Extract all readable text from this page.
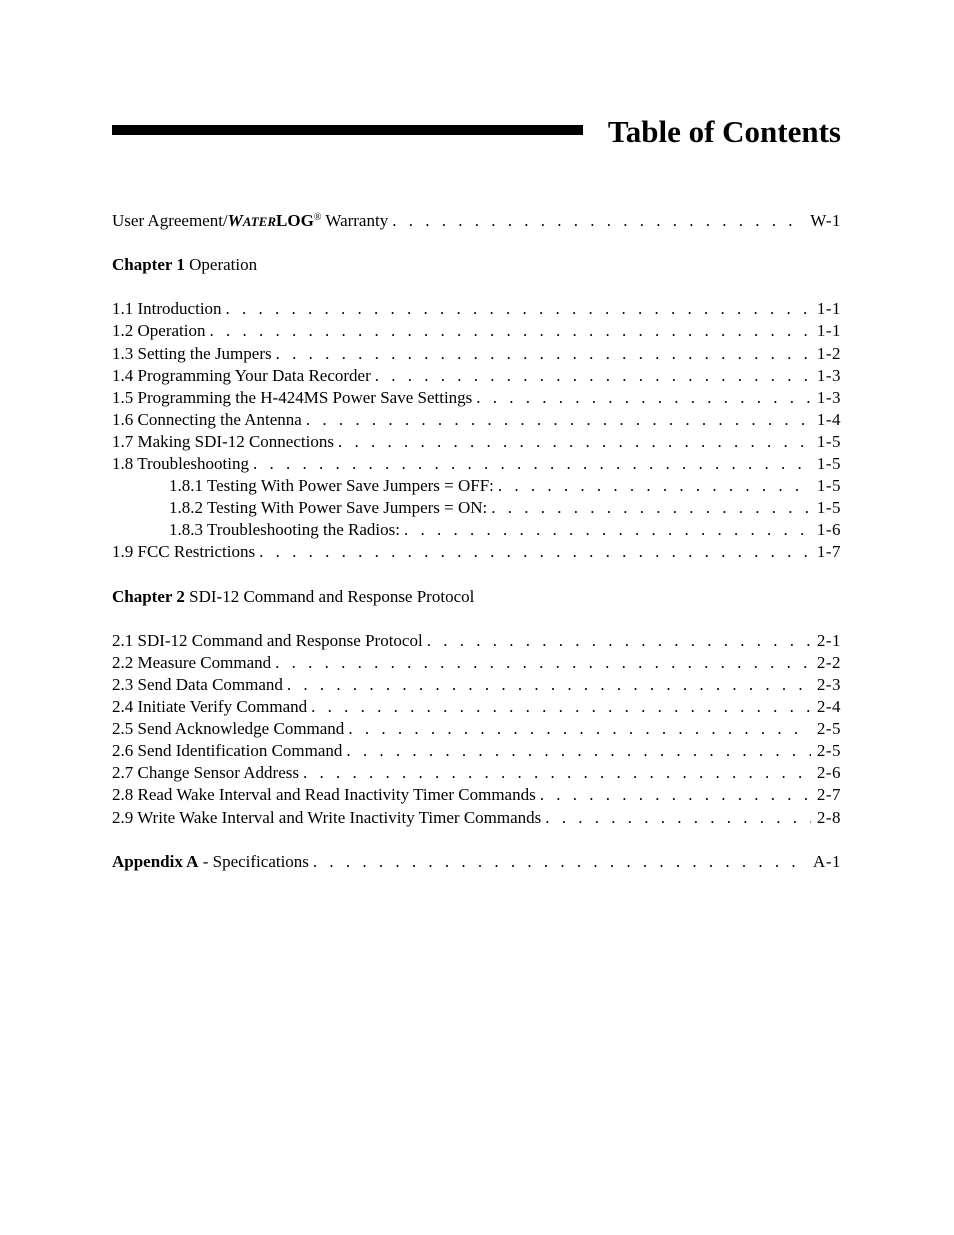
Table of Contents
User Agreement/WATERLOG® Warranty . . .	W-1
Chapter 1 Operation
1.1 Introduction . . .	1-1
1.2 Operation . . .	1-1
1.3 Setting the Jumpers . . .	1-2
1.4 Programming Your Data Recorder . . .	1-3
1.5 Programming the H-424MS Power Save Settings . . .	1-3
1.6 Connecting the Antenna . . .	1-4
1.7 Making SDI-12 Connections . . .	1-5
1.8 Troubleshooting . . .	1-5
1.8.1 Testing With Power Save Jumpers = OFF: . . .	1-5
1.8.2 Testing With Power Save Jumpers = ON: . . .	1-5
1.8.3 Troubleshooting the Radios: . . .	1-6
1.9 FCC Restrictions . . .	1-7
Chapter 2 SDI-12 Command and Response Protocol
2.1 SDI-12 Command and Response Protocol . . .	2-1
2.2 Measure Command . . .	2-2
2.3 Send Data Command . . .	2-3
2.4 Initiate Verify Command . . .	2-4
2.5 Send Acknowledge Command . . .	2-5
2.6 Send Identification Command . . .	2-5
2.7 Change Sensor Address . . .	2-6
2.8 Read Wake Interval and Read Inactivity Timer Commands . . .	2-7
2.9 Write Wake Interval and Write Inactivity Timer Commands . . .	2-8
Appendix A - Specifications . . .	A-1
